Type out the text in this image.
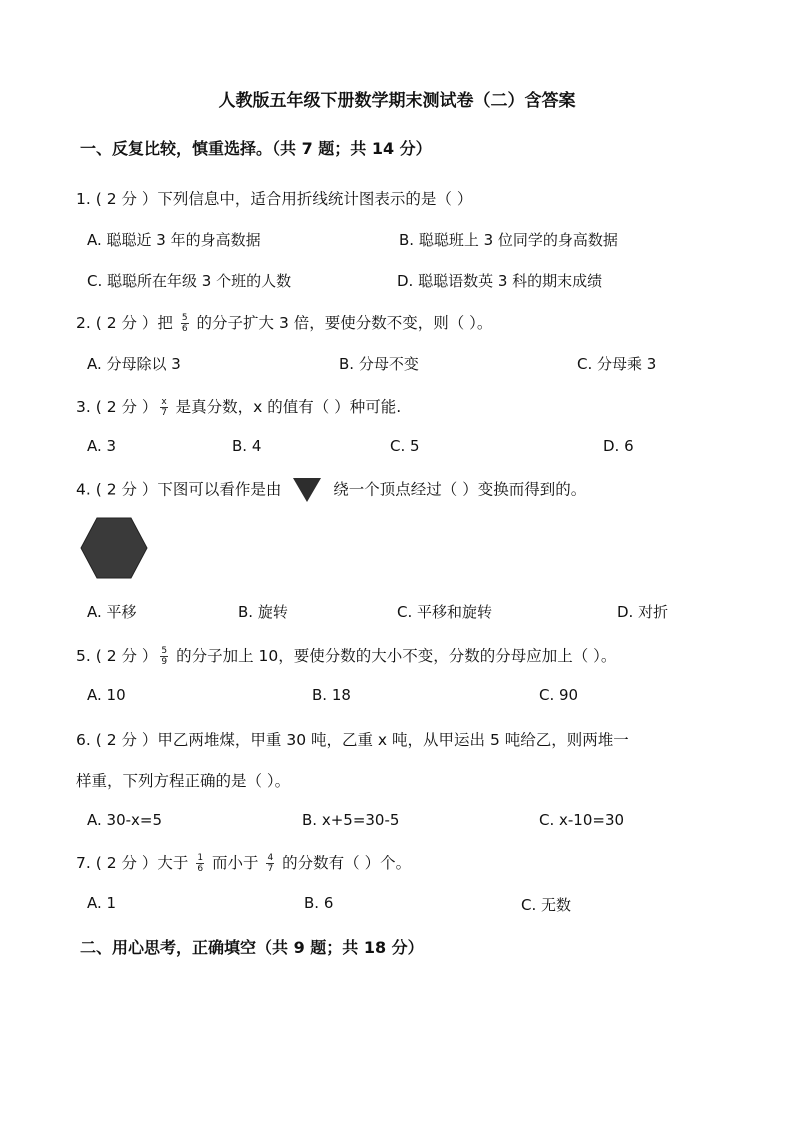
人教版五年级下册数学期末测试卷（二）含答案
一、反复比较，慎重选择。（共 7 题；共 14 分）
1. ( 2 分 ）下列信息中，适合用折线统计图表示的是（ ）
A. 聪聪近 3 年的身高数据	B. 聪聪班上 3 位同学的身高数据
C. 聪聪所在年级 3 个班的人数	D. 聪聪语数英 3 科的期末成绩
2. ( 2 分 ）把 $\frac{5}{6}$ 的分子扩大 3 倍，要使分数不变，则（ ）。
A. 分母除以 3	B. 分母不变	C. 分母乘 3
3. ( 2 分 ） $\frac{x}{7}$ 是真分数，x 的值有（ ）种可能.
A. 3	B. 4	C. 5	D. 6
4. ( 2 分 ）下图可以看作是由	绕一个顶点经过（ ）变换而得到的。
A. 平移	B. 旋转	C. 平移和旋转	D. 对折
5. ( 2 分 ） $\frac{5}{9}$ 的分子加上 10，要使分数的大小不变，分数的分母应加上（ ）。
A. 10	B. 18	C. 90
6. ( 2 分 ）甲乙两堆煤，甲重 30 吨，乙重 x 吨，从甲运出 5 吨给乙，则两堆一
样重，下列方程正确的是（ ）。
A. 30-x=5	B. x+5=30-5	C. x-10=30
7. ( 2 分 ）大于 $\frac{1}{6}$ 而小于 $\frac{4}{7}$ 的分数有（ ）个。
A. 1	B. 6	C. 无数
二、用心思考，正确填空（共 9 题；共 18 分）
